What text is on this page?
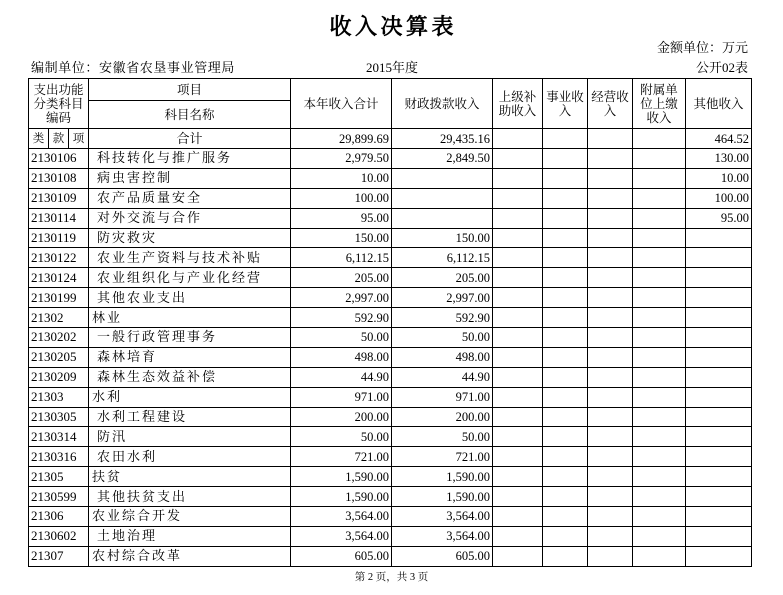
收入决算表
金额单位：万元
编制单位：安徽省农垦事业管理局	2015年度	公开02表
支出功能分类科目编码			项目	本年收入合计	财政拨款收入	上级补助收入	事业收入	经营收入	附属单位上缴收入	其他收入
			科目名称							
类	款	项	合计	29,899.69	29,435.16					464.52
2130106			科技转化与推广服务	2,979.50	2,849.50					130.00
2130108			病虫害控制	10.00						10.00
2130109			农产品质量安全	100.00						100.00
2130114			对外交流与合作	95.00						95.00
2130119			防灾救灾	150.00	150.00					
2130122			农业生产资料与技术补贴	6,112.15	6,112.15					
2130124			农业组织化与产业化经营	205.00	205.00					
2130199			其他农业支出	2,997.00	2,997.00					
21302			林业	592.90	592.90					
2130202			一般行政管理事务	50.00	50.00					
2130205			森林培育	498.00	498.00					
2130209			森林生态效益补偿	44.90	44.90					
21303			水利	971.00	971.00					
2130305			水利工程建设	200.00	200.00					
2130314			防汛	50.00	50.00					
2130316			农田水利	721.00	721.00					
21305			扶贫	1,590.00	1,590.00					
2130599			其他扶贫支出	1,590.00	1,590.00					
21306			农业综合开发	3,564.00	3,564.00					
2130602			土地治理	3,564.00	3,564.00					
21307			农村综合改革	605.00	605.00					
第 2 页，共 3 页
